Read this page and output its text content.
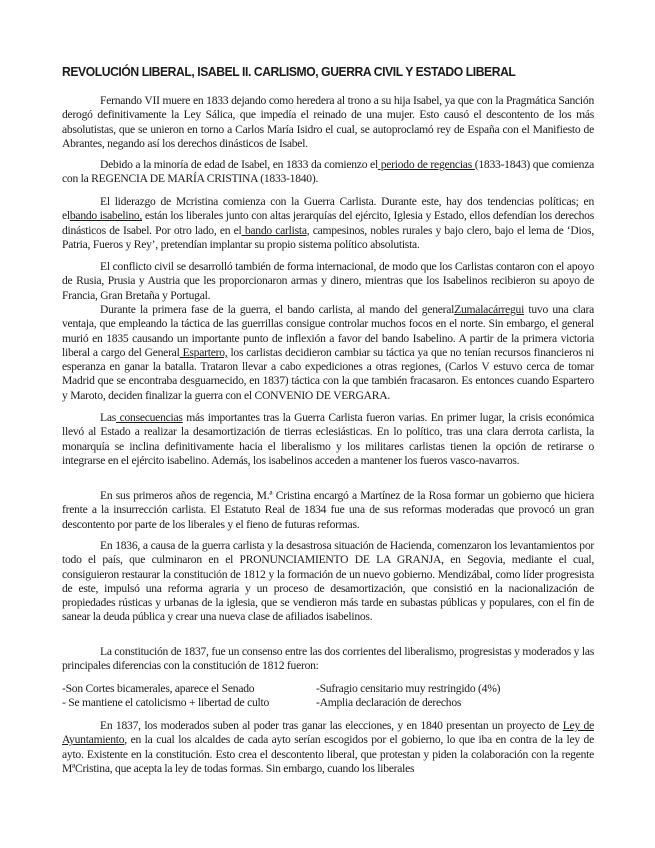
REVOLUCIÓN LIBERAL, ISABEL II. CARLISMO, GUERRA CIVIL Y ESTADO LIBERAL

Fernando VII muere en 1833 dejando como heredera al trono a su hija Isabel, ya que con la Pragmática Sanción derogó definitivamente la Ley Sálica, que impedía el reinado de una mujer. Esto causó el descontento de los más absolutistas, que se unieron en torno a Carlos María Isidro el cual, se autoproclamó rey de España con el Manifiesto de Abrantes, negando así los derechos dinásticos de Isabel.

Debido a la minoría de edad de Isabel, en 1833 da comienzo el periodo de regencias (1833-1843) que comienza con la REGENCIA DE MARÍA CRISTINA (1833-1840).

El liderazgo de Mcristina comienza con la Guerra Carlista. Durante este, hay dos tendencias políticas; en elbando isabelino, están los liberales junto con altas jerarquías del ejército, Iglesia y Estado, ellos defendían los derechos dinásticos de Isabel. Por otro lado, en el bando carlista, campesinos, nobles rurales y bajo clero, bajo el lema de ‘Dios, Patria, Fueros y Rey’, pretendían implantar su propio sistema político absolutista.

El conflicto civil se desarrolló también de forma internacional, de modo que los Carlistas contaron con el apoyo de Rusia, Prusia y Austria que les proporcionaron armas y dinero, mientras que los Isabelinos recibieron su apoyo de Francia, Gran Bretaña y Portugal.

Durante la primera fase de la guerra, el bando carlista, al mando del generalZumalacárregui tuvo una clara ventaja, que empleando la táctica de las guerrillas consigue controlar muchos focos en el norte. Sin embargo, el general murió en 1835 causando un importante punto de inflexión a favor del bando Isabelino. A partir de la primera victoria liberal a cargo del General Espartero, los carlistas decidieron cambiar su táctica ya que no tenían recursos financieros ni esperanza en ganar la batalla. Trataron llevar a cabo expediciones a otras regiones, (Carlos V estuvo cerca de tomar Madrid que se encontraba desguarnecido, en 1837) táctica con la que también fracasaron. Es entonces cuando Espartero y Maroto, deciden finalizar la guerra con el CONVENIO DE VERGARA.

Las consecuencias más importantes tras la Guerra Carlista fueron varias. En primer lugar, la crisis económica llevó al Estado a realizar la desamortización de tierras eclesiásticas. En lo político, tras una clara derrota carlista, la monarquía se inclina definitivamente hacia el liberalismo y los militares carlistas tienen la opción de retirarse o integrarse en el ejército isabelino. Además, los isabelinos acceden a mantener los fueros vasco-navarros.

En sus primeros años de regencia, M.ª Cristina encargó a Martínez de la Rosa formar un gobierno que hiciera frente a la insurrección carlista. El Estatuto Real de 1834 fue una de sus reformas moderadas que provocó un gran descontento por parte de los liberales y el fieno de futuras reformas.

En 1836, a causa de la guerra carlista y la desastrosa situación de Hacienda, comenzaron los levantamientos por todo el país, que culminaron en el PRONUNCIAMIENTO DE LA GRANJA, en Segovia, mediante el cual, consiguieron restaurar la constitución de 1812 y la formación de un nuevo gobierno. Mendizábal, como líder progresista de este, impulsó una reforma agraria y un proceso de desamortización, que consistió en la nacionalización de propiedades rústicas y urbanas de la iglesia, que se vendieron más tarde en subastas públicas y populares, con el fin de sanear la deuda pública y crear una nueva clase de afiliados isabelinos.

La constitución de 1837, fue un consenso entre las dos corrientes del liberalismo, progresistas y moderados y las principales diferencias con la constitución de 1812 fueron:

-Son Cortes bicamerales, aparece el Senado	-Sufragio censitario muy restringido (4%)
- Se mantiene el catolicismo + libertad de culto	-Amplia declaración de derechos

En 1837, los moderados suben al poder tras ganar las elecciones, y en 1840 presentan un proyecto de Ley de Ayuntamiento, en la cual los alcaldes de cada ayto serían escogidos por el gobierno, lo que iba en contra de la ley de ayto. Existente en la constitución. Esto crea el descontento liberal, que protestan y piden la colaboración con la regente MªCristina, que acepta la ley de todas formas. Sin embargo, cuando los liberales
